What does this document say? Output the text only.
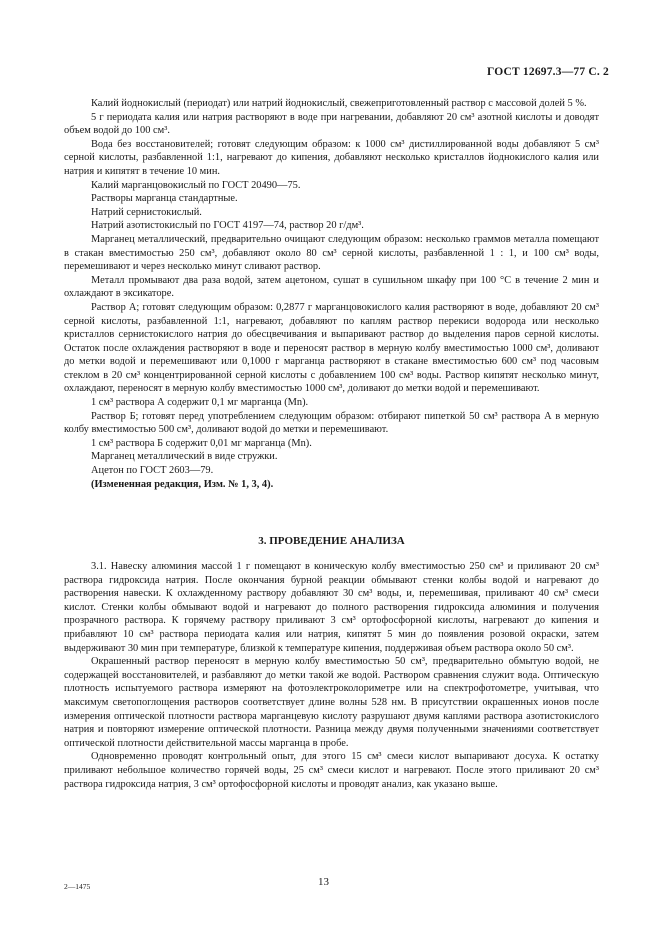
ГОСТ 12697.3—77 С. 2

Калий йоднокислый (периодат) или натрий йоднокислый, свежеприготовленный раствор с массовой долей 5 %.

5 г периодата калия или натрия растворяют в воде при нагревании, добавляют 20 см³ азотной кислоты и доводят объем водой до 100 см³.

Вода без восстановителей; готовят следующим образом: к 1000 см³ дистиллированной воды добавляют 5 см³ серной кислоты, разбавленной 1:1, нагревают до кипения, добавляют несколько кристаллов йоднокислого калия или натрия и кипятят в течение 10 мин.

Калий марганцовокислый по ГОСТ 20490—75.

Растворы марганца стандартные.

Натрий сернистокислый.

Натрий азотистокислый по ГОСТ 4197—74, раствор 20 г/дм³.

Марганец металлический, предварительно очищают следующим образом: несколько граммов металла помещают в стакан вместимостью 250 см³, добавляют около 80 см³ серной кислоты, разбавленной 1 : 1, и 100 см³ воды, перемешивают и через несколько минут сливают раствор.

Металл промывают два раза водой, затем ацетоном, сушат в сушильном шкафу при 100 °С в течение 2 мин и охлаждают в эксикаторе.

Раствор А; готовят следующим образом: 0,2877 г марганцовокислого калия растворяют в воде, добавляют 20 см³ серной кислоты, разбавленной 1:1, нагревают, добавляют по каплям раствор перекиси водорода или несколько кристаллов сернистокислого натрия до обесцвечивания и выпаривают раствор до выделения паров серной кислоты. Остаток после охлаждения растворяют в воде и переносят раствор в мерную колбу вместимостью 1000 см³, доливают до метки водой и перемешивают или 0,1000 г марганца растворяют в стакане вместимостью 600 см³ под часовым стеклом в 20 см³ концентрированной серной кислоты с добавлением 100 см³ воды. Раствор кипятят несколько минут, охлаждают, переносят в мерную колбу вместимостью 1000 см³, доливают до метки водой и перемешивают.

1 см³ раствора А содержит 0,1 мг марганца (Мn).

Раствор Б; готовят перед употреблением следующим образом: отбирают пипеткой 50 см³ раствора А в мерную колбу вместимостью 500 см³, доливают водой до метки и перемешивают.

1 см³ раствора Б содержит 0,01 мг марганца (Мn).

Марганец металлический в виде стружки.

Ацетон по ГОСТ 2603—79.

(Измененная редакция, Изм. № 1, 3, 4).

3. ПРОВЕДЕНИЕ АНАЛИЗА

3.1. Навеску алюминия массой 1 г помещают в коническую колбу вместимостью 250 см³ и приливают 20 см³ раствора гидроксида натрия. После окончания бурной реакции обмывают стенки колбы водой и нагревают до растворения навески. К охлажденному раствору добавляют 30 см³ воды, и, перемешивая, приливают 40 см³ смеси кислот. Стенки колбы обмывают водой и нагревают до полного растворения гидроксида алюминия и получения прозрачного раствора. К горячему раствору приливают 3 см³ ортофосфорной кислоты, нагревают до кипения и прибавляют 10 см³ раствора периодата калия или натрия, кипятят 5 мин до появления розовой окраски, затем выдерживают 30 мин при температуре, близкой к температуре кипения, поддерживая объем раствора около 50 см³.

Окрашенный раствор переносят в мерную колбу вместимостью 50 см³, предварительно обмытую водой, не содержащей восстановителей, и разбавляют до метки такой же водой. Раствором сравнения служит вода. Оптическую плотность испытуемого раствора измеряют на фотоэлектроколориметре или на спектрофотометре, учитывая, что максимум светопоглощения растворов соответствует длине волны 528 нм. В присутствии окрашенных ионов после измерения оптической плотности раствора марганцевую кислоту разрушают двумя каплями раствора азотистокислого натрия и повторяют измерение оптической плотности. Разница между двумя полученными значениями соответствует оптической плотности действительной массы марганца в пробе.

Одновременно проводят контрольный опыт, для этого 15 см³ смеси кислот выпаривают досуха. К остатку приливают небольшое количество горячей воды, 25 см³ смеси кислот и нагревают. После этого приливают 20 см³ раствора гидроксида натрия, 3 см³ ортофосфорной кислоты и проводят анализ, как указано выше.

2—1475	13
